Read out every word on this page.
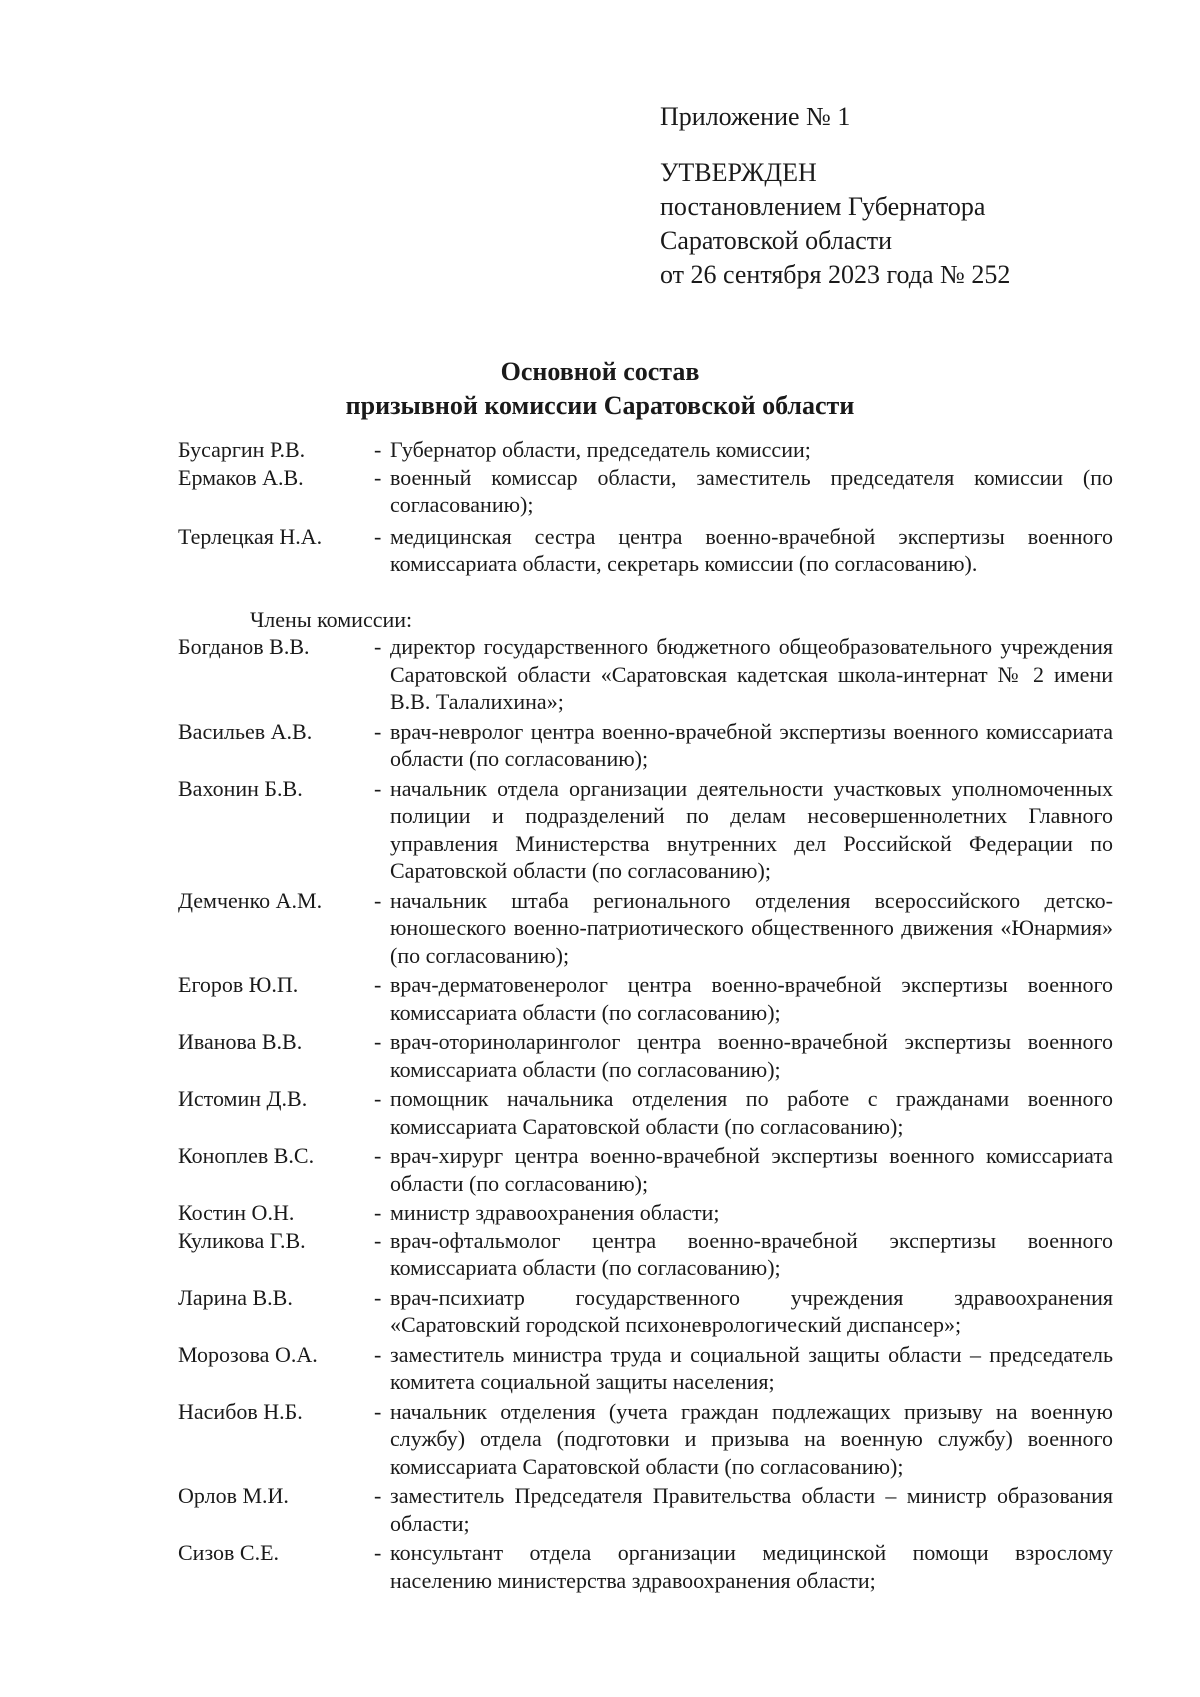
Приложение № 1
УТВЕРЖДЕН
постановлением Губернатора
Саратовской области
от 26 сентября 2023 года № 252
Основной состав
призывной комиссии Саратовской области
Бусаргин Р.В.	- Губернатор области, председатель комиссии;
Ермаков А.В.	- военный комиссар области, заместитель председателя комиссии (по согласованию);
Терлецкая Н.А.	- медицинская сестра центра военно-врачебной экспертизы военного комиссариата области, секретарь комиссии (по согласованию).
Члены комиссии:
Богданов В.В.	- директор государственного бюджетного общеобразовательного учреждения Саратовской области «Саратовская кадетская школа-интернат № 2 имени В.В. Талалихина»;
Васильев А.В.	- врач-невролог центра военно-врачебной экспертизы военного комиссариата области (по согласованию);
Вахонин Б.В.	- начальник отдела организации деятельности участковых уполномоченных полиции и подразделений по делам несовершеннолетних Главного управления Министерства внутренних дел Российской Федерации по Саратовской области (по согласованию);
Демченко А.М.	- начальник штаба регионального отделения всероссийского детско-юношеского военно-патриотического общественного движения «Юнармия» (по согласованию);
Егоров Ю.П.	- врач-дерматовенеролог центра военно-врачебной экспертизы военного комиссариата области (по согласованию);
Иванова В.В.	- врач-оториноларинголог центра военно-врачебной экспертизы военного комиссариата области (по согласованию);
Истомин Д.В.	- помощник начальника отделения по работе с гражданами военного комиссариата Саратовской области (по согласованию);
Коноплев В.С.	- врач-хирург центра военно-врачебной экспертизы военного комиссариата области (по согласованию);
Костин О.Н.	- министр здравоохранения области;
Куликова Г.В.	- врач-офтальмолог центра военно-врачебной экспертизы военного комиссариата области (по согласованию);
Ларина В.В.	- врач-психиатр государственного учреждения здравоохранения «Саратовский городской психоневрологический диспансер»;
Морозова О.А.	- заместитель министра труда и социальной защиты области – председатель комитета социальной защиты населения;
Насибов Н.Б.	- начальник отделения (учета граждан подлежащих призыву на военную службу) отдела (подготовки и призыва на военную службу) военного комиссариата Саратовской области (по согласованию);
Орлов М.И.	- заместитель Председателя Правительства области – министр образования области;
Сизов С.Е.	- консультант отдела организации медицинской помощи взрослому населению министерства здравоохранения области;
